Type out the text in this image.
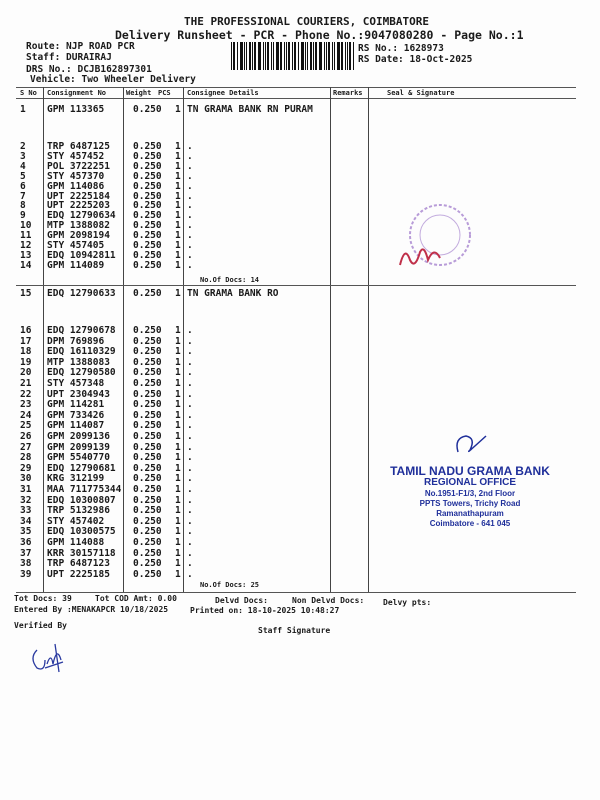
THE PROFESSIONAL COURIERS, COIMBATORE
Delivery Runsheet - PCR - Phone No.:9047080280 - Page No.:1
Route: NJP ROAD PCR
Staff: DURAIRAJ
DRS No.: DCJB162897301
Vehicle: Two Wheeler Delivery
RS No.: 1628973
RS Date: 18-Oct-2025
S No Consignment No	Weight PCS Consignee Details	Remarks	Seal & Signature
1 GPM 113365	0.250 1 TN GRAMA BANK RN PURAM
2 TRP 6487125 0.250 1 .
3 STY 457452	0.250 1 .
4 POL 3722251 0.250 1 .
5 STY 457370	0.250 1 .
6 GPM 114086	0.250 1 .
7 UPT 2225184 0.250 1 .
8 UPT 2225203 0.250 1 .
9 EDQ 12790634 0.250 1 .
10 MTP 1388082 0.250 1 .
11 GPM 2098194 0.250 1 .
12 STY 457405	0.250 1 .
13 EDQ 10942811 0.250 1 .
14 GPM 114089	0.250 1 .
No.Of Docs: 14
15 EDQ 12790633 0.250 1 TN GRAMA BANK RO
16 EDQ 12790678 0.250 1 .
17 DPM 769896	0.250 1 .
18 EDQ 16110329 0.250 1 .
19 MTP 1388083 0.250 1 .
20 EDQ 12790580 0.250 1 .
21 STY 457348	0.250 1 .
22 UPT 2304943 0.250 1 .
23 GPM 114281	0.250 1 .
24 GPM 733426	0.250 1 .
25 GPM 114087	0.250 1 .
26 GPM 2099136 0.250 1 .
27 GPM 2099139 0.250 1 .
28 GPM 5540770 0.250 1 .
29 EDQ 12790681 0.250 1 .
30 KRG 312199	0.250 1 .
31 MAA 711775344 0.250 1 .
32 EDQ 10300807 0.250 1 .
33 TRP 5132986 0.250 1 .
34 STY 457402	0.250 1 .
35 EDQ 10300575 0.250 1 .
36 GPM 114088	0.250 1 .
37 KRR 30157118 0.250 1 .
38 TRP 6487123 0.250 1 .
39 UPT 2225185 0.250 1 .
No.Of Docs: 25
TAMIL NADU GRAMA BANK
REGIONAL OFFICE
No.1951-F1/3, 2nd Floor
PPTS Towers, Trichy Road
Ramanathapuram
Coimbatore - 641 045
Tot Docs: 39	Tot COD Amt: 0.00	Delvd Docs:	Non Delvd Docs: Delvy pts:
Entered By :MENAKAPCR 10/18/2025	Printed on: 18-10-2025 10:48:27
Verified By
Staff Signature
